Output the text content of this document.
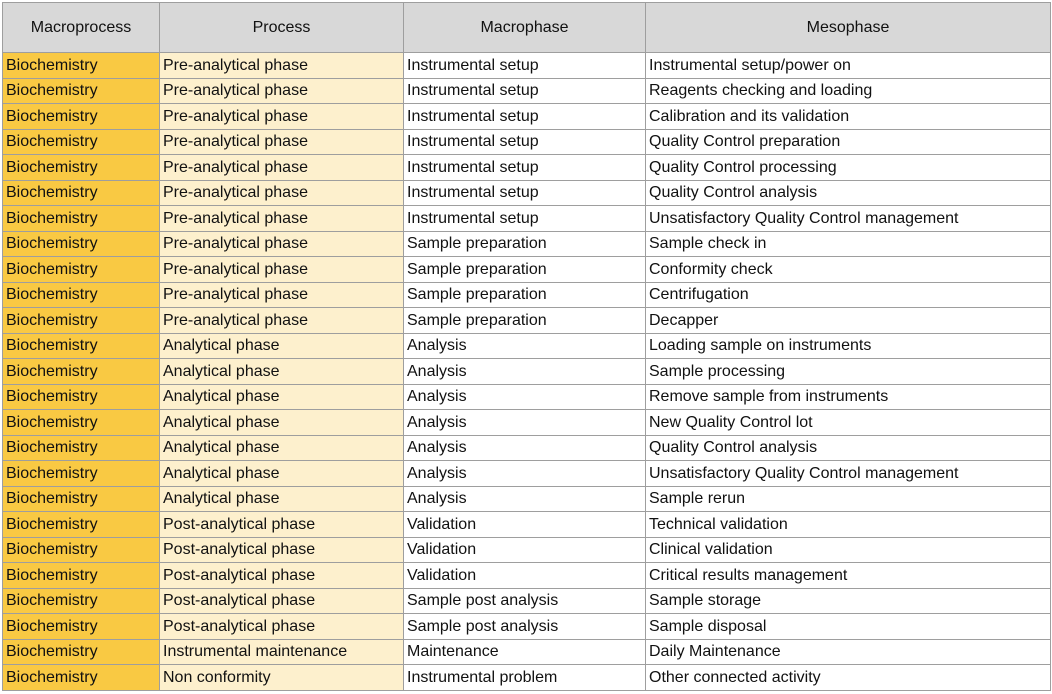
Macroprocess	Process	Macrophase	Mesophase
Biochemistry	Pre-analytical phase	Instrumental setup	Instrumental setup/power on
Biochemistry	Pre-analytical phase	Instrumental setup	Reagents checking and loading
Biochemistry	Pre-analytical phase	Instrumental setup	Calibration and its validation
Biochemistry	Pre-analytical phase	Instrumental setup	Quality Control preparation
Biochemistry	Pre-analytical phase	Instrumental setup	Quality Control processing
Biochemistry	Pre-analytical phase	Instrumental setup	Quality Control analysis
Biochemistry	Pre-analytical phase	Instrumental setup	Unsatisfactory Quality Control management
Biochemistry	Pre-analytical phase	Sample preparation	Sample check in
Biochemistry	Pre-analytical phase	Sample preparation	Conformity check
Biochemistry	Pre-analytical phase	Sample preparation	Centrifugation
Biochemistry	Pre-analytical phase	Sample preparation	Decapper
Biochemistry	Analytical phase	Analysis	Loading sample on instruments
Biochemistry	Analytical phase	Analysis	Sample processing
Biochemistry	Analytical phase	Analysis	Remove sample from instruments
Biochemistry	Analytical phase	Analysis	New Quality Control lot
Biochemistry	Analytical phase	Analysis	Quality Control analysis
Biochemistry	Analytical phase	Analysis	Unsatisfactory Quality Control management
Biochemistry	Analytical phase	Analysis	Sample rerun
Biochemistry	Post-analytical phase	Validation	Technical validation
Biochemistry	Post-analytical phase	Validation	Clinical validation
Biochemistry	Post-analytical phase	Validation	Critical results management
Biochemistry	Post-analytical phase	Sample post analysis	Sample storage
Biochemistry	Post-analytical phase	Sample post analysis	Sample disposal
Biochemistry	Instrumental maintenance	Maintenance	Daily Maintenance
Biochemistry	Non conformity	Instrumental problem	Other connected activity
